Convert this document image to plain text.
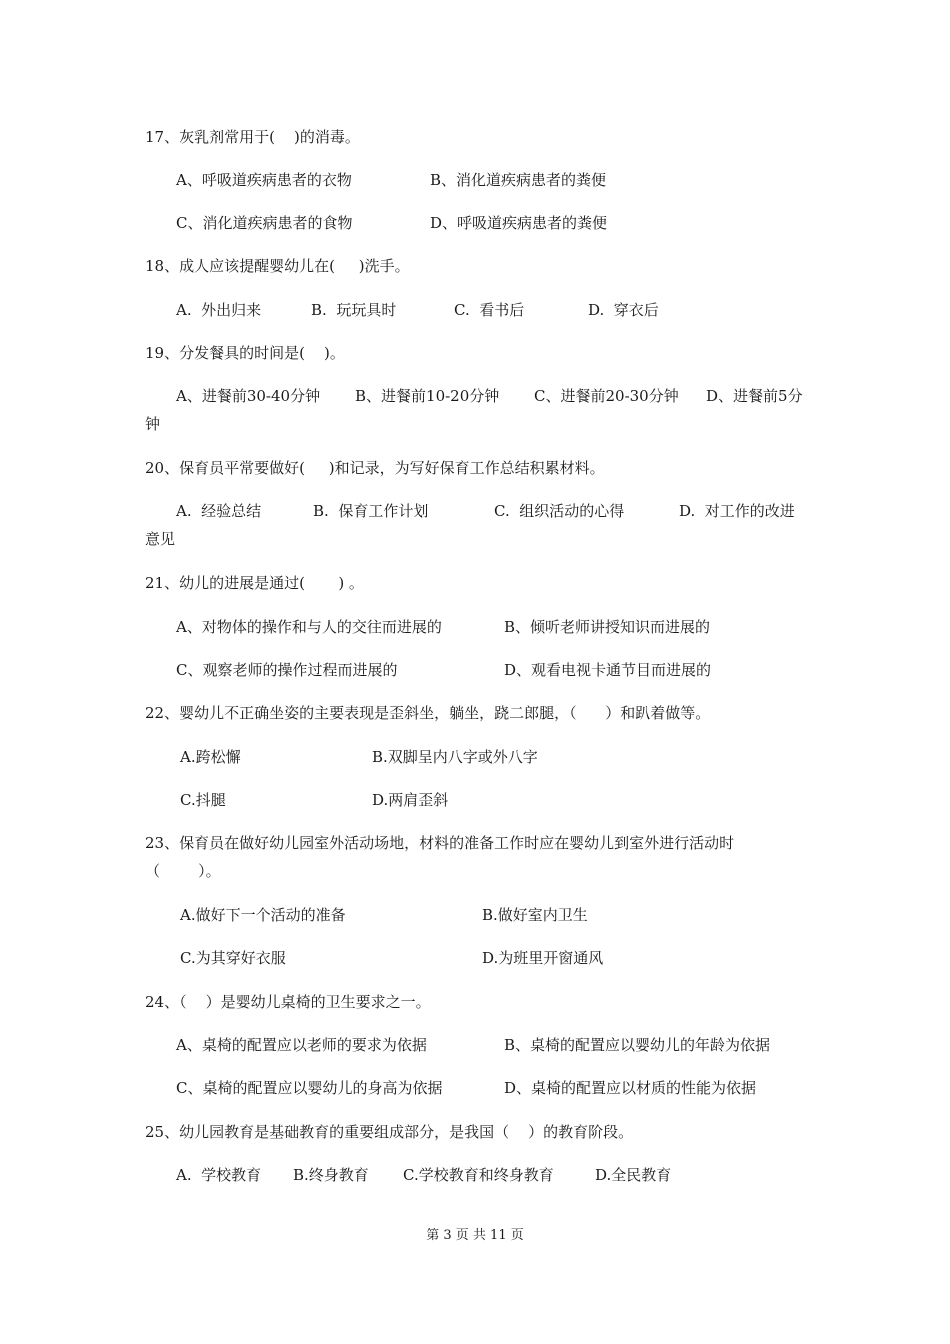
17、灰乳剂常用于(    )的消毒。
A、呼吸道疾病患者的衣物	B、消化道疾病患者的粪便
C、消化道疾病患者的食物	D、呼吸道疾病患者的粪便
18、成人应该提醒婴幼儿在(     )洗手。
A.  外出归来	B.  玩玩具时	C.  看书后	D.  穿衣后
19、分发餐具的时间是(    )。
A、进餐前30-40分钟 B、进餐前10-20分钟 C、进餐前20-30分钟 D、进餐前5分
钟
20、保育员平常要做好(     )和记录，为写好保育工作总结积累材料。
A.  经验总结	B.  保育工作计划	C.  组织活动的心得	D.  对工作的改进
意见
21、幼儿的进展是通过(       ) 。
A、对物体的操作和与人的交往而进展的	B、倾听老师讲授知识而进展的
C、观察老师的操作过程而进展的	D、观看电视卡通节目而进展的
22、婴幼儿不正确坐姿的主要表现是歪斜坐，躺坐，跷二郎腿，（      ）和趴着做等。
A.跨松懈	B.双脚呈内八字或外八字
C.抖腿	D.两肩歪斜
23、保育员在做好幼儿园室外活动场地，材料的准备工作时应在婴幼儿到室外进行活动时
（        ）。
A.做好下一个活动的准备	B.做好室内卫生
C.为其穿好衣服	D.为班里开窗通风
24、（    ）是婴幼儿桌椅的卫生要求之一。
A、桌椅的配置应以老师的要求为依据	B、桌椅的配置应以婴幼儿的年龄为依据
C、桌椅的配置应以婴幼儿的身高为依据	D、桌椅的配置应以材质的性能为依据
25、幼儿园教育是基础教育的重要组成部分，是我国（    ）的教育阶段。
A.  学校教育 B.终身教育 C.学校教育和终身教育	D.全民教育
第 3 页 共 11 页
